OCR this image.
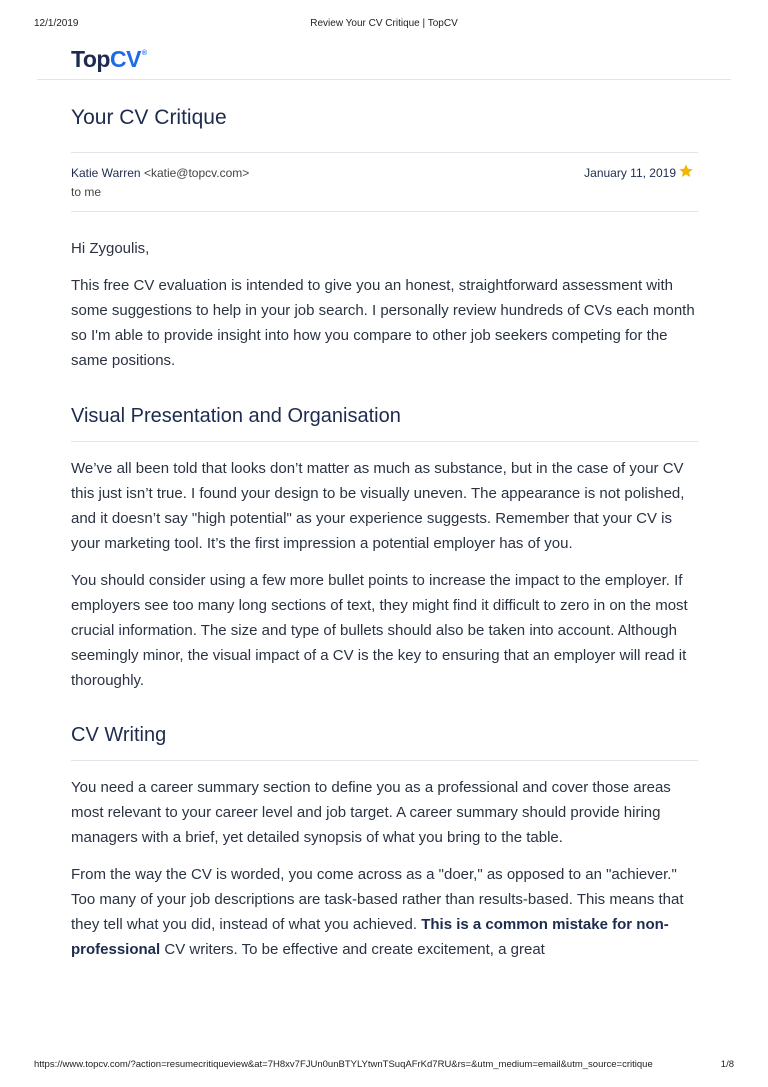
12/1/2019	Review Your CV Critique | TopCV
TopCV®
Your CV Critique
Katie Warren <katie@topcv.com>
to me
January 11, 2019

Hi Zygoulis,

This free CV evaluation is intended to give you an honest, straightforward assessment with some suggestions to help in your job search. I personally review hundreds of CVs each month so I'm able to provide insight into how you compare to other job seekers competing for the same positions.

Visual Presentation and Organisation

We’ve all been told that looks don’t matter as much as substance, but in the case of your CV this just isn’t true. I found your design to be visually uneven. The appearance is not polished, and it doesn’t say "high potential" as your experience suggests. Remember that your CV is your marketing tool. It’s the first impression a potential employer has of you.

You should consider using a few more bullet points to increase the impact to the employer. If employers see too many long sections of text, they might find it difficult to zero in on the most crucial information. The size and type of bullets should also be taken into account. Although seemingly minor, the visual impact of a CV is the key to ensuring that an employer will read it thoroughly.

CV Writing

You need a career summary section to define you as a professional and cover those areas most relevant to your career level and job target. A career summary should provide hiring managers with a brief, yet detailed synopsis of what you bring to the table.

From the way the CV is worded, you come across as a "doer," as opposed to an "achiever." Too many of your job descriptions are task-based rather than results-based. This means that they tell what you did, instead of what you achieved. This is a common mistake for non-professional CV writers. To be effective and create excitement, a great

https://www.topcv.com/?action=resumecritiqueview&at=7H8xv7FJUn0unBTYLYtwnTSuqAFrKd7RU&rs=&utm_medium=email&utm_source=critique	1/8
